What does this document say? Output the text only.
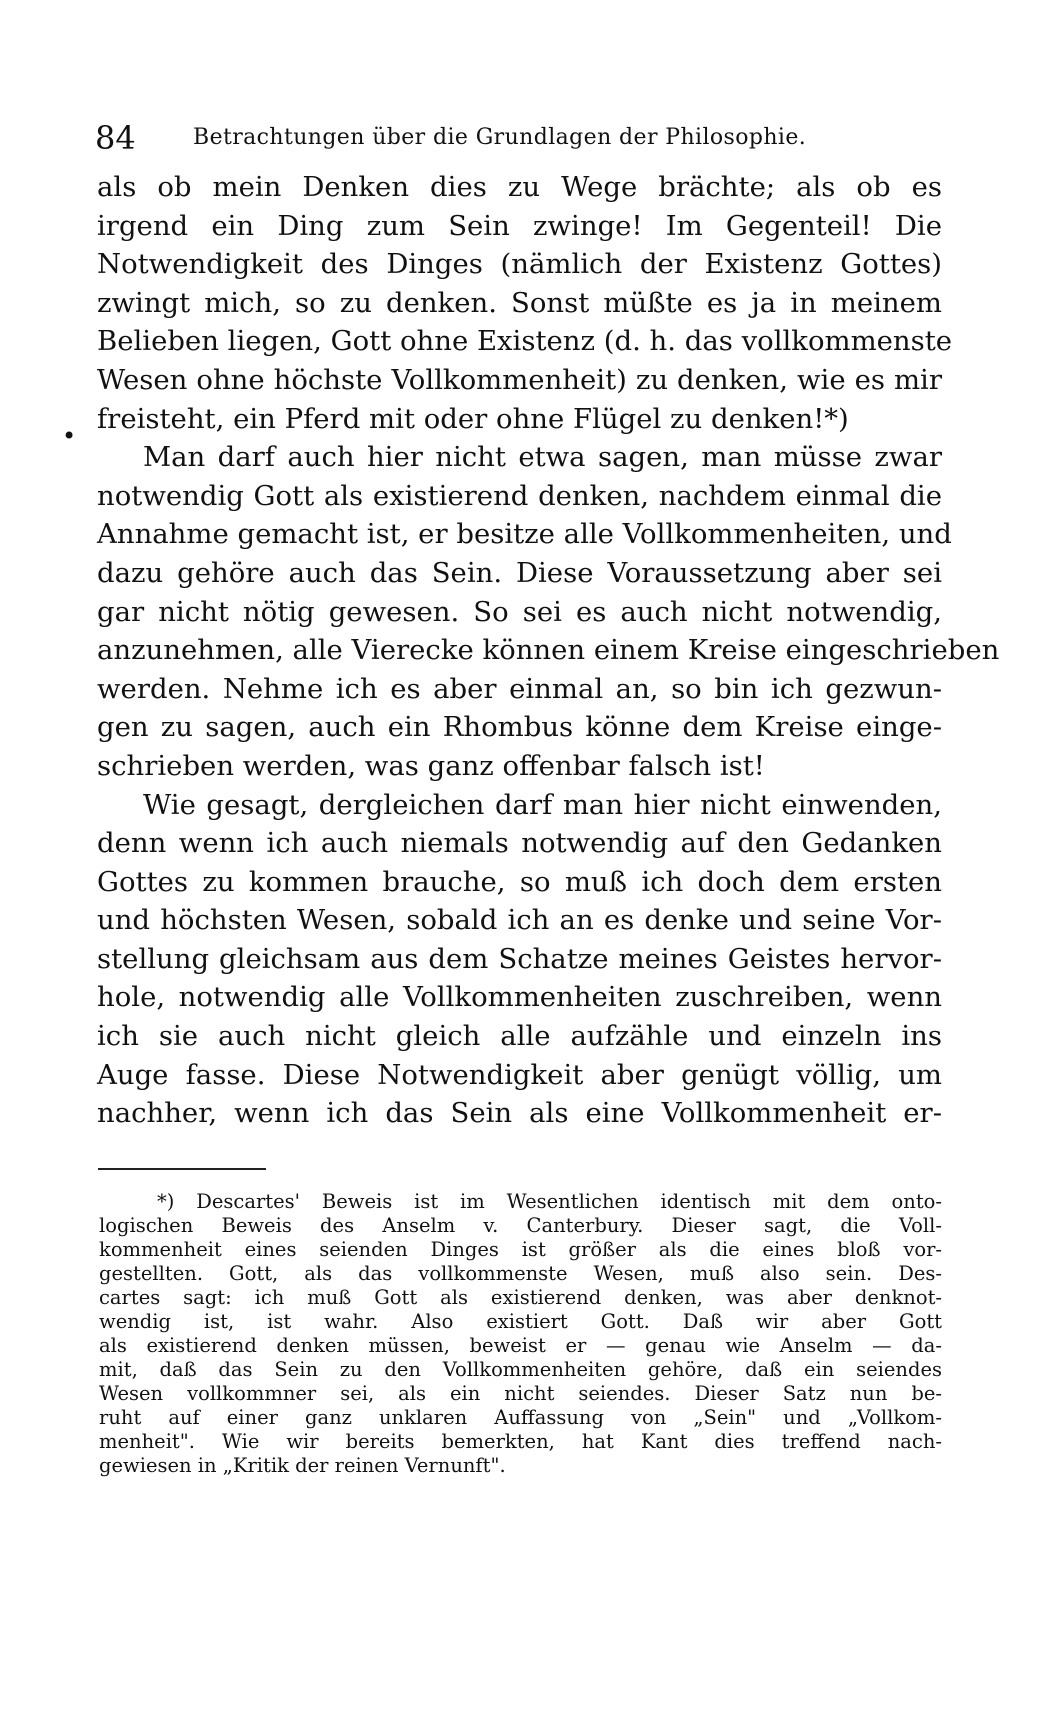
84	Betrachtungen über die Grundlagen der Philosophie.
•
als ob mein Denken dies zu Wege brächte; als ob es
irgend ein Ding zum Sein zwinge! Im Gegenteil! Die
Notwendigkeit des Dinges (nämlich der Existenz Gottes)
zwingt mich, so zu denken. Sonst müßte es ja in meinem
Belieben liegen, Gott ohne Existenz (d. h. das vollkommenste
Wesen ohne höchste Vollkommenheit) zu denken, wie es mir
freisteht, ein Pferd mit oder ohne Flügel zu denken!*)
Man darf auch hier nicht etwa sagen, man müsse zwar
notwendig Gott als existierend denken, nachdem einmal die
Annahme gemacht ist, er besitze alle Vollkommenheiten, und
dazu gehöre auch das Sein. Diese Voraussetzung aber sei
gar nicht nötig gewesen. So sei es auch nicht notwendig,
anzunehmen, alle Vierecke können einem Kreise eingeschrieben
werden. Nehme ich es aber einmal an, so bin ich gezwun-
gen zu sagen, auch ein Rhombus könne dem Kreise einge-
schrieben werden, was ganz offenbar falsch ist!
Wie gesagt, dergleichen darf man hier nicht einwenden,
denn wenn ich auch niemals notwendig auf den Gedanken
Gottes zu kommen brauche, so muß ich doch dem ersten
und höchsten Wesen, sobald ich an es denke und seine Vor-
stellung gleichsam aus dem Schatze meines Geistes hervor-
hole, notwendig alle Vollkommenheiten zuschreiben, wenn
ich sie auch nicht gleich alle aufzähle und einzeln ins
Auge fasse. Diese Notwendigkeit aber genügt völlig, um
nachher, wenn ich das Sein als eine Vollkommenheit er-
*) Descartes' Beweis ist im Wesentlichen identisch mit dem onto-
logischen Beweis des Anselm v. Canterbury. Dieser sagt, die Voll-
kommenheit eines seienden Dinges ist größer als die eines bloß vor-
gestellten. Gott, als das vollkommenste Wesen, muß also sein. Des-
cartes sagt: ich muß Gott als existierend denken, was aber denknot-
wendig ist, ist wahr. Also existiert Gott. Daß wir aber Gott
als existierend denken müssen, beweist er — genau wie Anselm — da-
mit, daß das Sein zu den Vollkommenheiten gehöre, daß ein seiendes
Wesen vollkommner sei, als ein nicht seiendes. Dieser Satz nun be-
ruht auf einer ganz unklaren Auffassung von „Sein" und „Vollkom-
menheit". Wie wir bereits bemerkten, hat Kant dies treffend nach-
gewiesen in „Kritik der reinen Vernunft".
